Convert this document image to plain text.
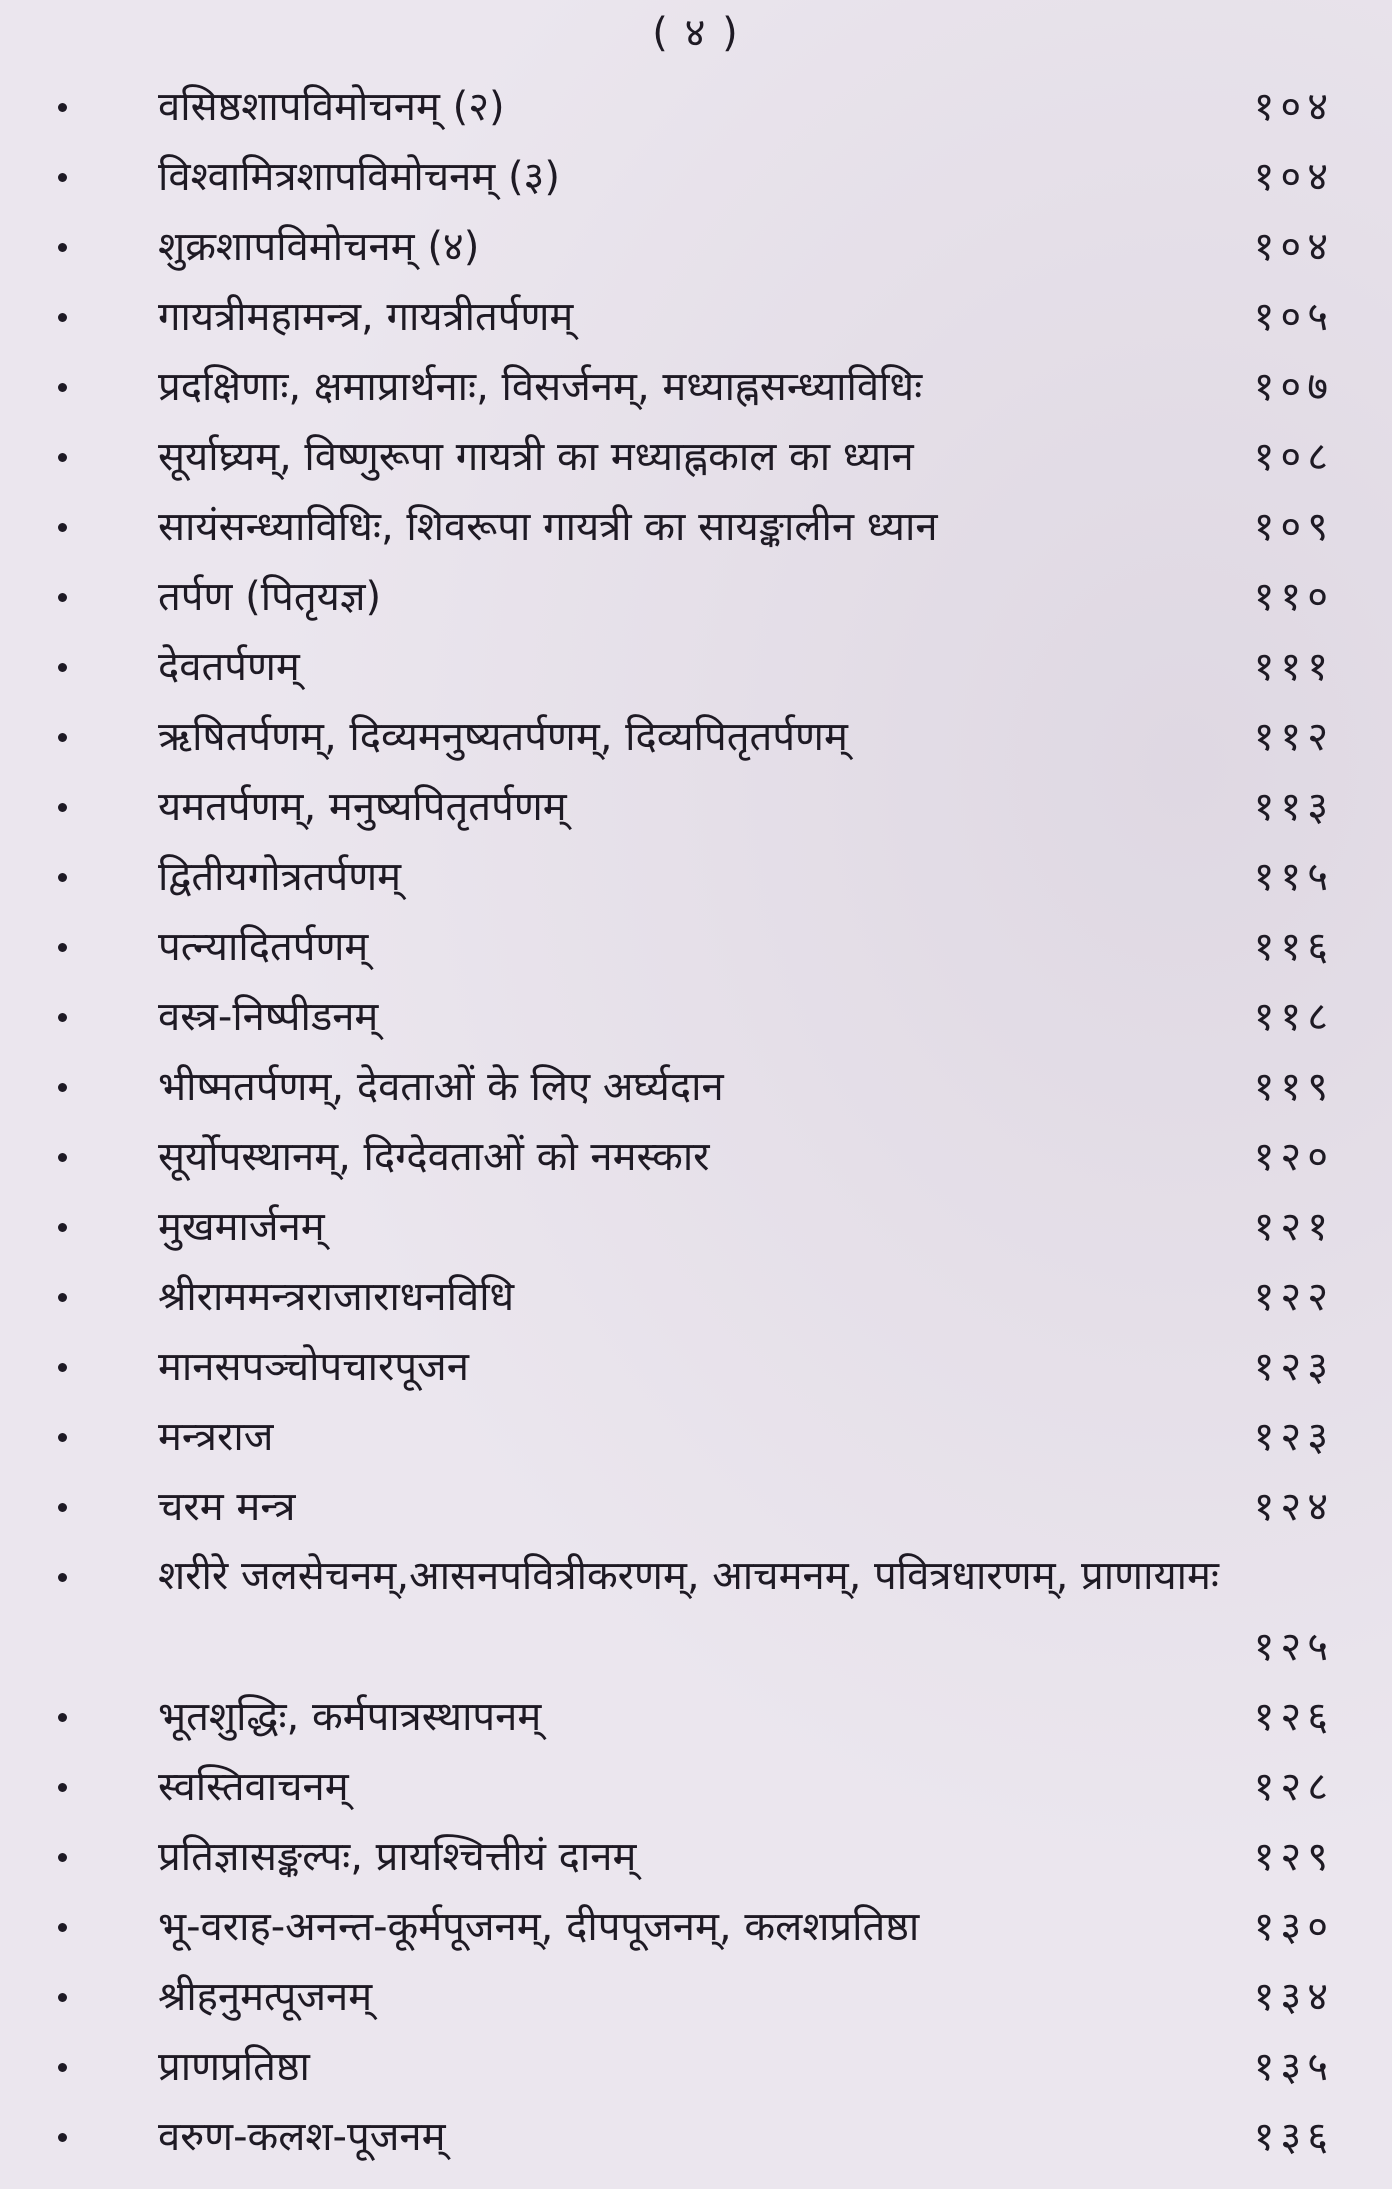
( ४ )
वसिष्ठशापविमोचनम् (२)	१०४
विश्वामित्रशापविमोचनम् (३)	१०४
शुक्रशापविमोचनम् (४)	१०४
गायत्रीमहामन्त्र, गायत्रीतर्पणम्	१०५
प्रदक्षिणाः, क्षमाप्रार्थनाः, विसर्जनम्, मध्याह्नसन्ध्याविधिः	१०७
सूर्याघ्र्यम्, विष्णुरूपा गायत्री का मध्याह्नकाल का ध्यान	१०८
सायंसन्ध्याविधिः, शिवरूपा गायत्री का सायङ्कालीन ध्यान	१०९
तर्पण (पितृयज्ञ)	११०
देवतर्पणम्	१११
ऋषितर्पणम्, दिव्यमनुष्यतर्पणम्, दिव्यपितृतर्पणम्	११२
यमतर्पणम्, मनुष्यपितृतर्पणम्	११३
द्वितीयगोत्रतर्पणम्	११५
पत्न्यादितर्पणम्	११६
वस्त्र-निष्पीडनम्	११८
भीष्मतर्पणम्, देवताओं के लिए अर्घ्यदान	११९
सूर्योपस्थानम्, दिग्देवताओं को नमस्कार	१२०
मुखमार्जनम्	१२१
श्रीराममन्त्रराजाराधनविधि	१२२
मानसपञ्चोपचारपूजन	१२३
मन्त्रराज	१२३
चरम मन्त्र	१२४
शरीरे जलसेचनम्,आसनपवित्रीकरणम्, आचमनम्, पवित्रधारणम्, प्राणायामः
१२५
भूतशुद्धिः, कर्मपात्रस्थापनम्	१२६
स्वस्तिवाचनम्	१२८
प्रतिज्ञासङ्कल्पः, प्रायश्चित्तीयं दानम्	१२९
भू-वराह-अनन्त-कूर्मपूजनम्, दीपपूजनम्, कलशप्रतिष्ठा	१३०
श्रीहनुमत्पूजनम्	१३४
प्राणप्रतिष्ठा	१३५
वरुण-कलश-पूजनम्	१३६
